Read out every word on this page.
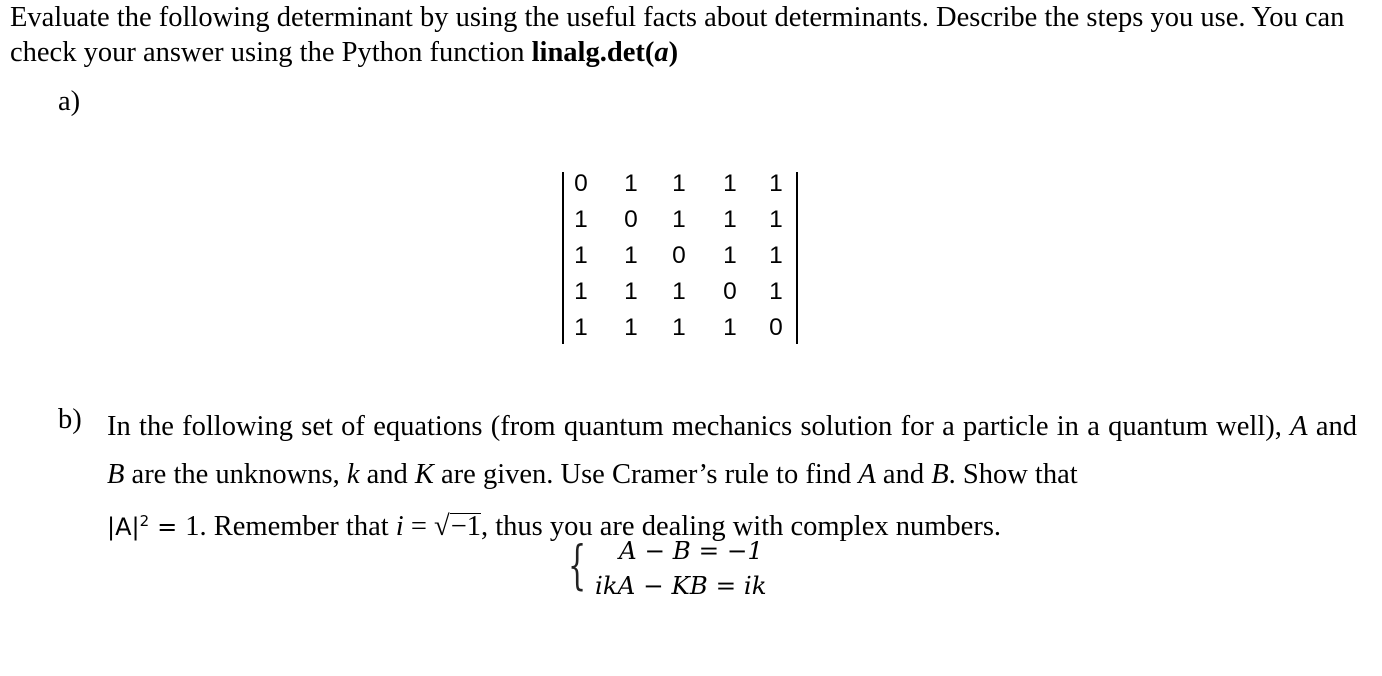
Evaluate the following determinant by using the useful facts about determinants. Describe the steps you use. You can check your answer using the Python function linalg.det(a)
a)
0 1 1 1 1
1 0 1 1 1
1 1 0 1 1
1 1 1 0 1
1 1 1 1 0
b) In the following set of equations (from quantum mechanics solution for a particle in a quantum well), A and B are the unknowns, k and K are given. Use Cramer’s rule to find A and B. Show that
$|A|^2 = 1$. Remember that i = √−1, thus you are dealing with complex numbers.
{ A − B = −1
ikA − KB = ik
